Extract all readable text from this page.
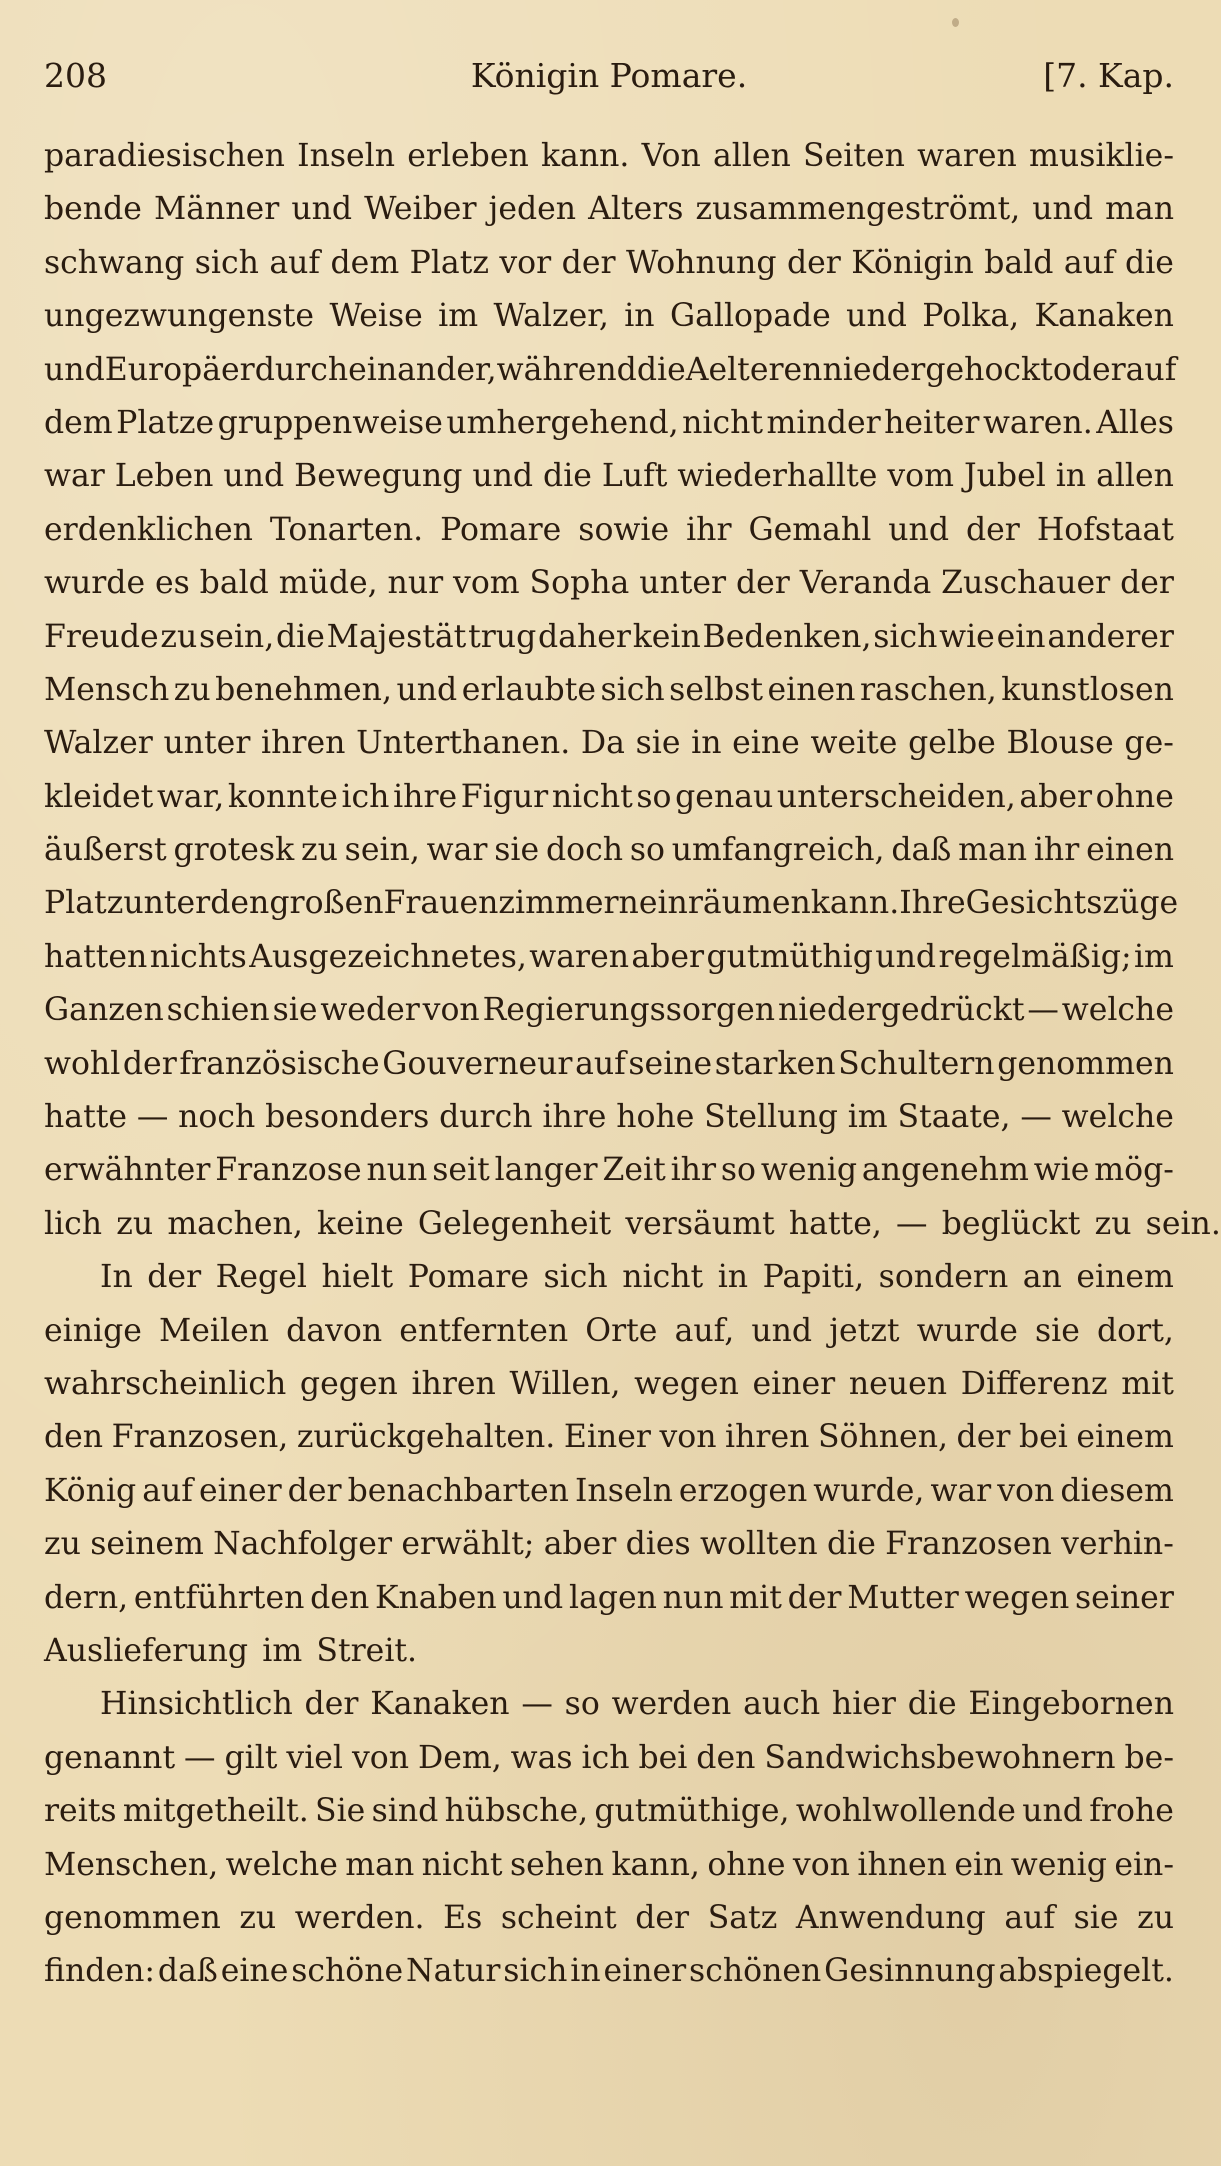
208	Königin Pomare.	[7. Kap.
paradiesischen Inseln erleben kann. Von allen Seiten waren musiklie-
bende Männer und Weiber jeden Alters zusammengeströmt, und man
schwang sich auf dem Platz vor der Wohnung der Königin bald auf die
ungezwungenste Weise im Walzer, in Gallopade und Polka, Kanaken
und Europäer durcheinander, während die Aelteren niedergehockt oder auf
dem Platze gruppenweise umhergehend, nicht minder heiter waren. Alles
war Leben und Bewegung und die Luft wiederhallte vom Jubel in allen
erdenklichen Tonarten. Pomare sowie ihr Gemahl und der Hofstaat
wurde es bald müde, nur vom Sopha unter der Veranda Zuschauer der
Freude zu sein, die Majestät trug daher kein Bedenken, sich wie ein anderer
Mensch zu benehmen, und erlaubte sich selbst einen raschen, kunstlosen
Walzer unter ihren Unterthanen. Da sie in eine weite gelbe Blouse ge-
kleidet war, konnte ich ihre Figur nicht so genau unterscheiden, aber ohne
äußerst grotesk zu sein, war sie doch so umfangreich, daß man ihr einen
Platz unter den großen Frauenzimmern einräumen kann. Ihre Gesichtszüge
hatten nichts Ausgezeichnetes, waren aber gutmüthig und regelmäßig; im
Ganzen schien sie weder von Regierungssorgen niedergedrückt — welche
wohl der französische Gouverneur auf seine starken Schultern genommen
hatte — noch besonders durch ihre hohe Stellung im Staate, — welche
erwähnter Franzose nun seit langer Zeit ihr so wenig angenehm wie mög-
lich zu machen, keine Gelegenheit versäumt hatte, — beglückt zu sein.
In der Regel hielt Pomare sich nicht in Papiti, sondern an einem
einige Meilen davon entfernten Orte auf, und jetzt wurde sie dort,
wahrscheinlich gegen ihren Willen, wegen einer neuen Differenz mit
den Franzosen, zurückgehalten. Einer von ihren Söhnen, der bei einem
König auf einer der benachbarten Inseln erzogen wurde, war von diesem
zu seinem Nachfolger erwählt; aber dies wollten die Franzosen verhin-
dern, entführten den Knaben und lagen nun mit der Mutter wegen seiner
Auslieferung im Streit.
Hinsichtlich der Kanaken — so werden auch hier die Eingebornen
genannt — gilt viel von Dem, was ich bei den Sandwichsbewohnern be-
reits mitgetheilt. Sie sind hübsche, gutmüthige, wohlwollende und frohe
Menschen, welche man nicht sehen kann, ohne von ihnen ein wenig ein-
genommen zu werden. Es scheint der Satz Anwendung auf sie zu
finden: daß eine schöne Natur sich in einer schönen Gesinnung abspiegelt.
